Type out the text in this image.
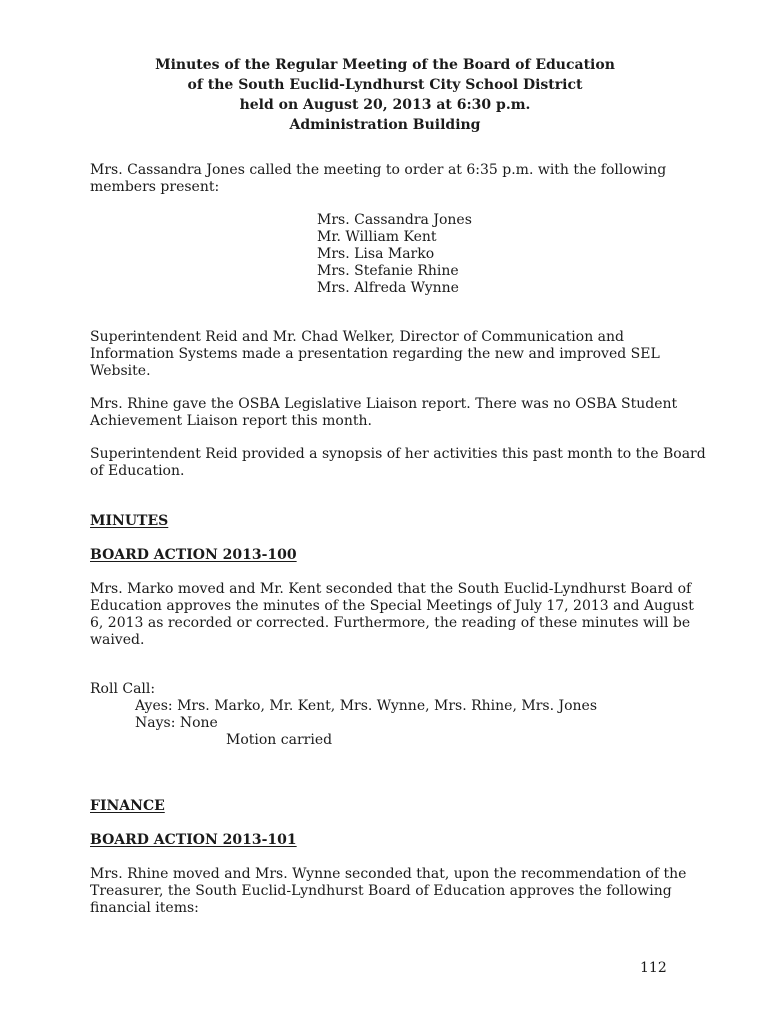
Minutes of the Regular Meeting of the Board of Education
of the South Euclid-Lyndhurst City School District
held on August 20, 2013 at 6:30 p.m.
Administration Building
Mrs. Cassandra Jones called the meeting to order at 6:35 p.m. with the following
members present:
Mrs. Cassandra Jones
Mr. William Kent
Mrs. Lisa Marko
Mrs. Stefanie Rhine
Mrs. Alfreda Wynne
Superintendent Reid and Mr. Chad Welker, Director of Communication and
Information Systems made a presentation regarding the new and improved SEL
Website.
Mrs. Rhine gave the OSBA Legislative Liaison report. There was no OSBA Student
Achievement Liaison report this month.
Superintendent Reid provided a synopsis of her activities this past month to the Board
of Education.
MINUTES
BOARD ACTION 2013-100
Mrs. Marko moved and Mr. Kent seconded that the South Euclid-Lyndhurst Board of
Education approves the minutes of the Special Meetings of July 17, 2013 and August
6, 2013 as recorded or corrected. Furthermore, the reading of these minutes will be
waived.
Roll Call:
Ayes: Mrs. Marko, Mr. Kent, Mrs. Wynne, Mrs. Rhine, Mrs. Jones
Nays: None
Motion carried
FINANCE
BOARD ACTION 2013-101
Mrs. Rhine moved and Mrs. Wynne seconded that, upon the recommendation of the
Treasurer, the South Euclid-Lyndhurst Board of Education approves the following
financial items:
112
